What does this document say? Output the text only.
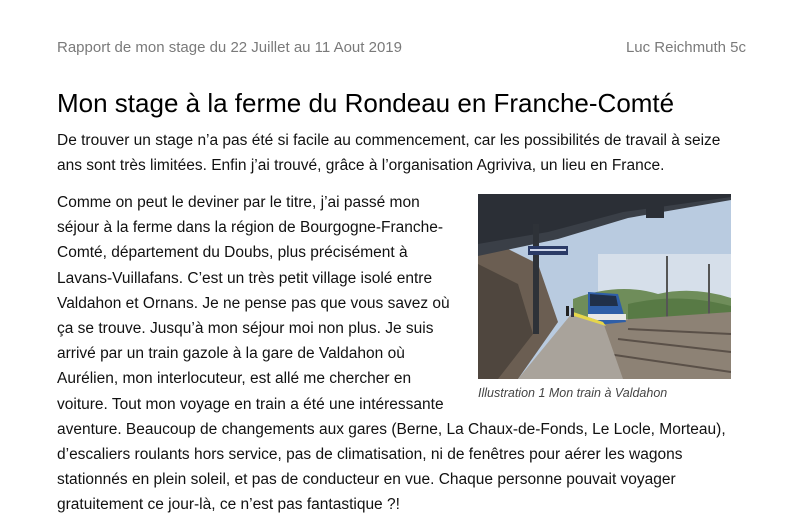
Rapport de mon stage du 22 Juillet au 11 Aout 2019	Luc Reichmuth 5c
Mon stage à la ferme du Rondeau en Franche-Comté

De trouver un stage n’a pas été si facile au commencement, car les possibilités de travail à seize
ans sont très limitées. Enfin j’ai trouvé, grâce à l’organisation Agriviva, un lieu en France.

Comme on peut le deviner par le titre, j’ai passé mon
séjour à la ferme dans la région de Bourgogne-Franche-
Comté, département du Doubs, plus précisément à
Lavans-Vuillafans. C’est un très petit village isolé entre
Valdahon et Ornans. Je ne pense pas que vous savez où
ça se trouve. Jusqu’à mon séjour moi non plus. Je suis
arrivé par un train gazole à la gare de Valdahon où
Aurélien, mon interlocuteur, est allé me chercher en
voiture. Tout mon voyage en train a été une intéressante
aventure. Beaucoup de changements aux gares (Berne, La Chaux-de-Fonds, Le Locle, Morteau),
d’escaliers roulants hors service, pas de climatisation, ni de fenêtres pour aérer les wagons
stationnés en plein soleil, et pas de conducteur en vue. Chaque personne pouvait voyager
gratuitement ce jour-là, ce n’est pas fantastique ?!

Illustration 1 Mon train à Valdahon
